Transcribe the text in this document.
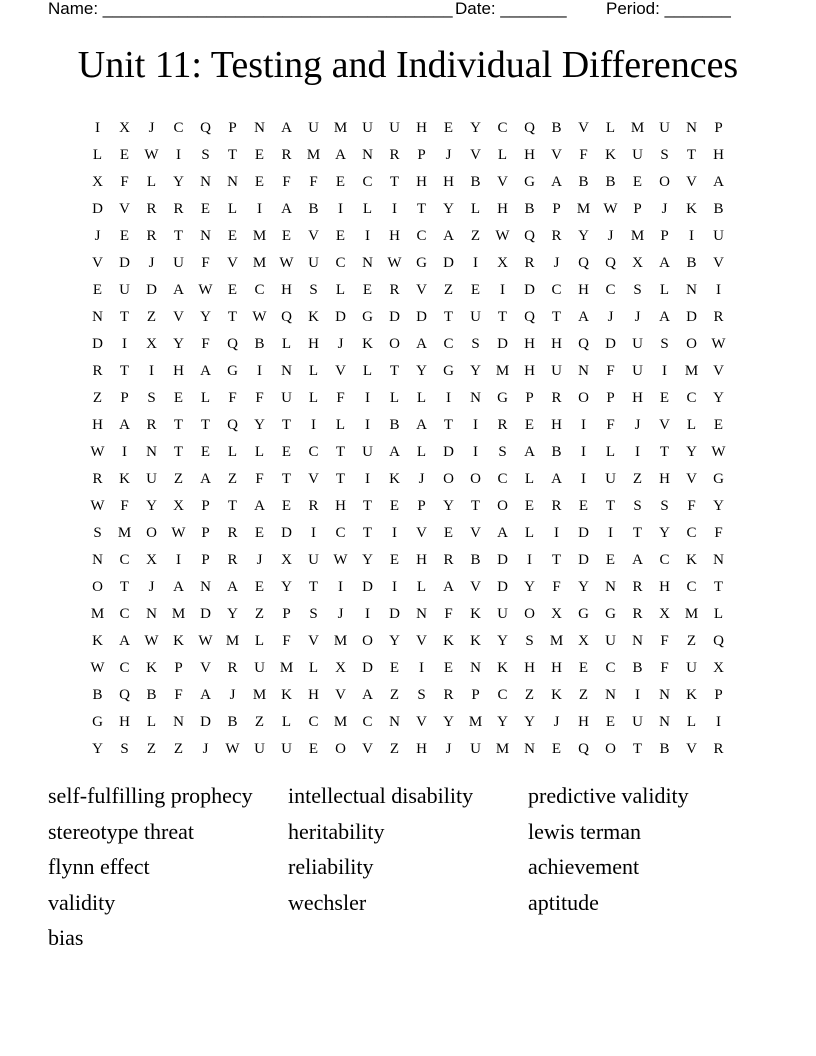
Name: _____________________________________ Date: _______ Period: _______
Unit 11: Testing and Individual Differences
I	X	J	C	Q	P	N	A	U M U	U	H	E	Y	C	Q	B	V	L	M U	N	P
L	E	W	I	S	T	E	R	M A	N	R	P	J	V	L	H	V	F	K	U	S	T	H
X	F	L	Y	N	N	E	F	F	E	C	T	H	H	B	V	G	A	B	B	E	O	V	A
D	V	R	R	E	L	I	A	B	I	L	I	T	Y	L	H	B	P	M W	P	J	K	B
J	E	R	T	N	E	M	E	V	E	I	H	C	A	Z	W Q	R	Y	J	M	P	I	U
V	D	J	U	F	V M W U	C	N W G	D	I	X	R	J	Q	Q	X	A	B	V
E	U	D	A W	E	C	H	S	L	E	R	V	Z	E	I	D	C	H	C	S	L	N	I
N	T	Z	V	Y	T	W Q	K	D	G	D	D	T	U	T	Q	T	A	J	J	A	D	R
D	I	X	Y	F	Q	B	L	H	J	K	O	A	C	S	D	H	H	Q	D	U	S	O W
R	T	I	H	A	G	I	N	L	V	L	T	Y	G	Y M H	U	N	F	U	I	M V
Z	P	S	E	L	F	F	U	L	F	I	L	L	I	N	G	P	R	O	P	H	E	C	Y
H	A	R	T	T	Q	Y	T	I	L	I	B	A	T	I	R	E	H	I	F	J	V	L	E
W	I	N	T	E	L	L	E	C	T	U	A	L	D	I	S	A	B	I	L	I	T	Y W
R	K	U	Z	A	Z	F	T	V	T	I	K	J	O	O	C	L	A	I	U	Z	H	V	G
W	F	Y	X	P	T	A	E	R	H	T	E	P	Y	T	O	E	R	E	T	S	S	F	Y
S	M O W	P	R	E	D	I	C	T	I	V	E	V	A	L	I	D	I	T	Y	C	F
N	C	X	I	P	R	J	X	U W Y	E	H	R	B	D	I	T	D	E	A	C	K	N
O	T	J	A	N	A	E	Y	T	I	D	I	L	A	V	D	Y	F	Y	N	R	H	C	T
M	C	N M D	Y	Z	P	S	J	I	D	N	F	K	U	O	X	G	G	R	X M	L
K	A W K W M	L	F	V M O	Y	V	K	K	Y	S	M X	U	N	F	Z	Q
W C	K	P	V	R	U M	L	X	D	E	I	E	N	K	H	H	E	C	B	F	U	X
B	Q	B	F	A	J	M K	H	V	A	Z	S	R	P	C	Z	K	Z	N	I	N	K	P
G	H	L	N	D	B	Z	L	C	M	C	N	V	Y M Y	Y	J	H	E	U	N	L	I
Y	S	Z	Z	J	W U	U	E	O	V	Z	H	J	U M N	E	Q	O	T	B	V	R
self-fulfilling prophecy	intellectual disability	predictive validity
stereotype threat	heritability	lewis terman
flynn effect	reliability	achievement
validity	wechsler	aptitude
bias
